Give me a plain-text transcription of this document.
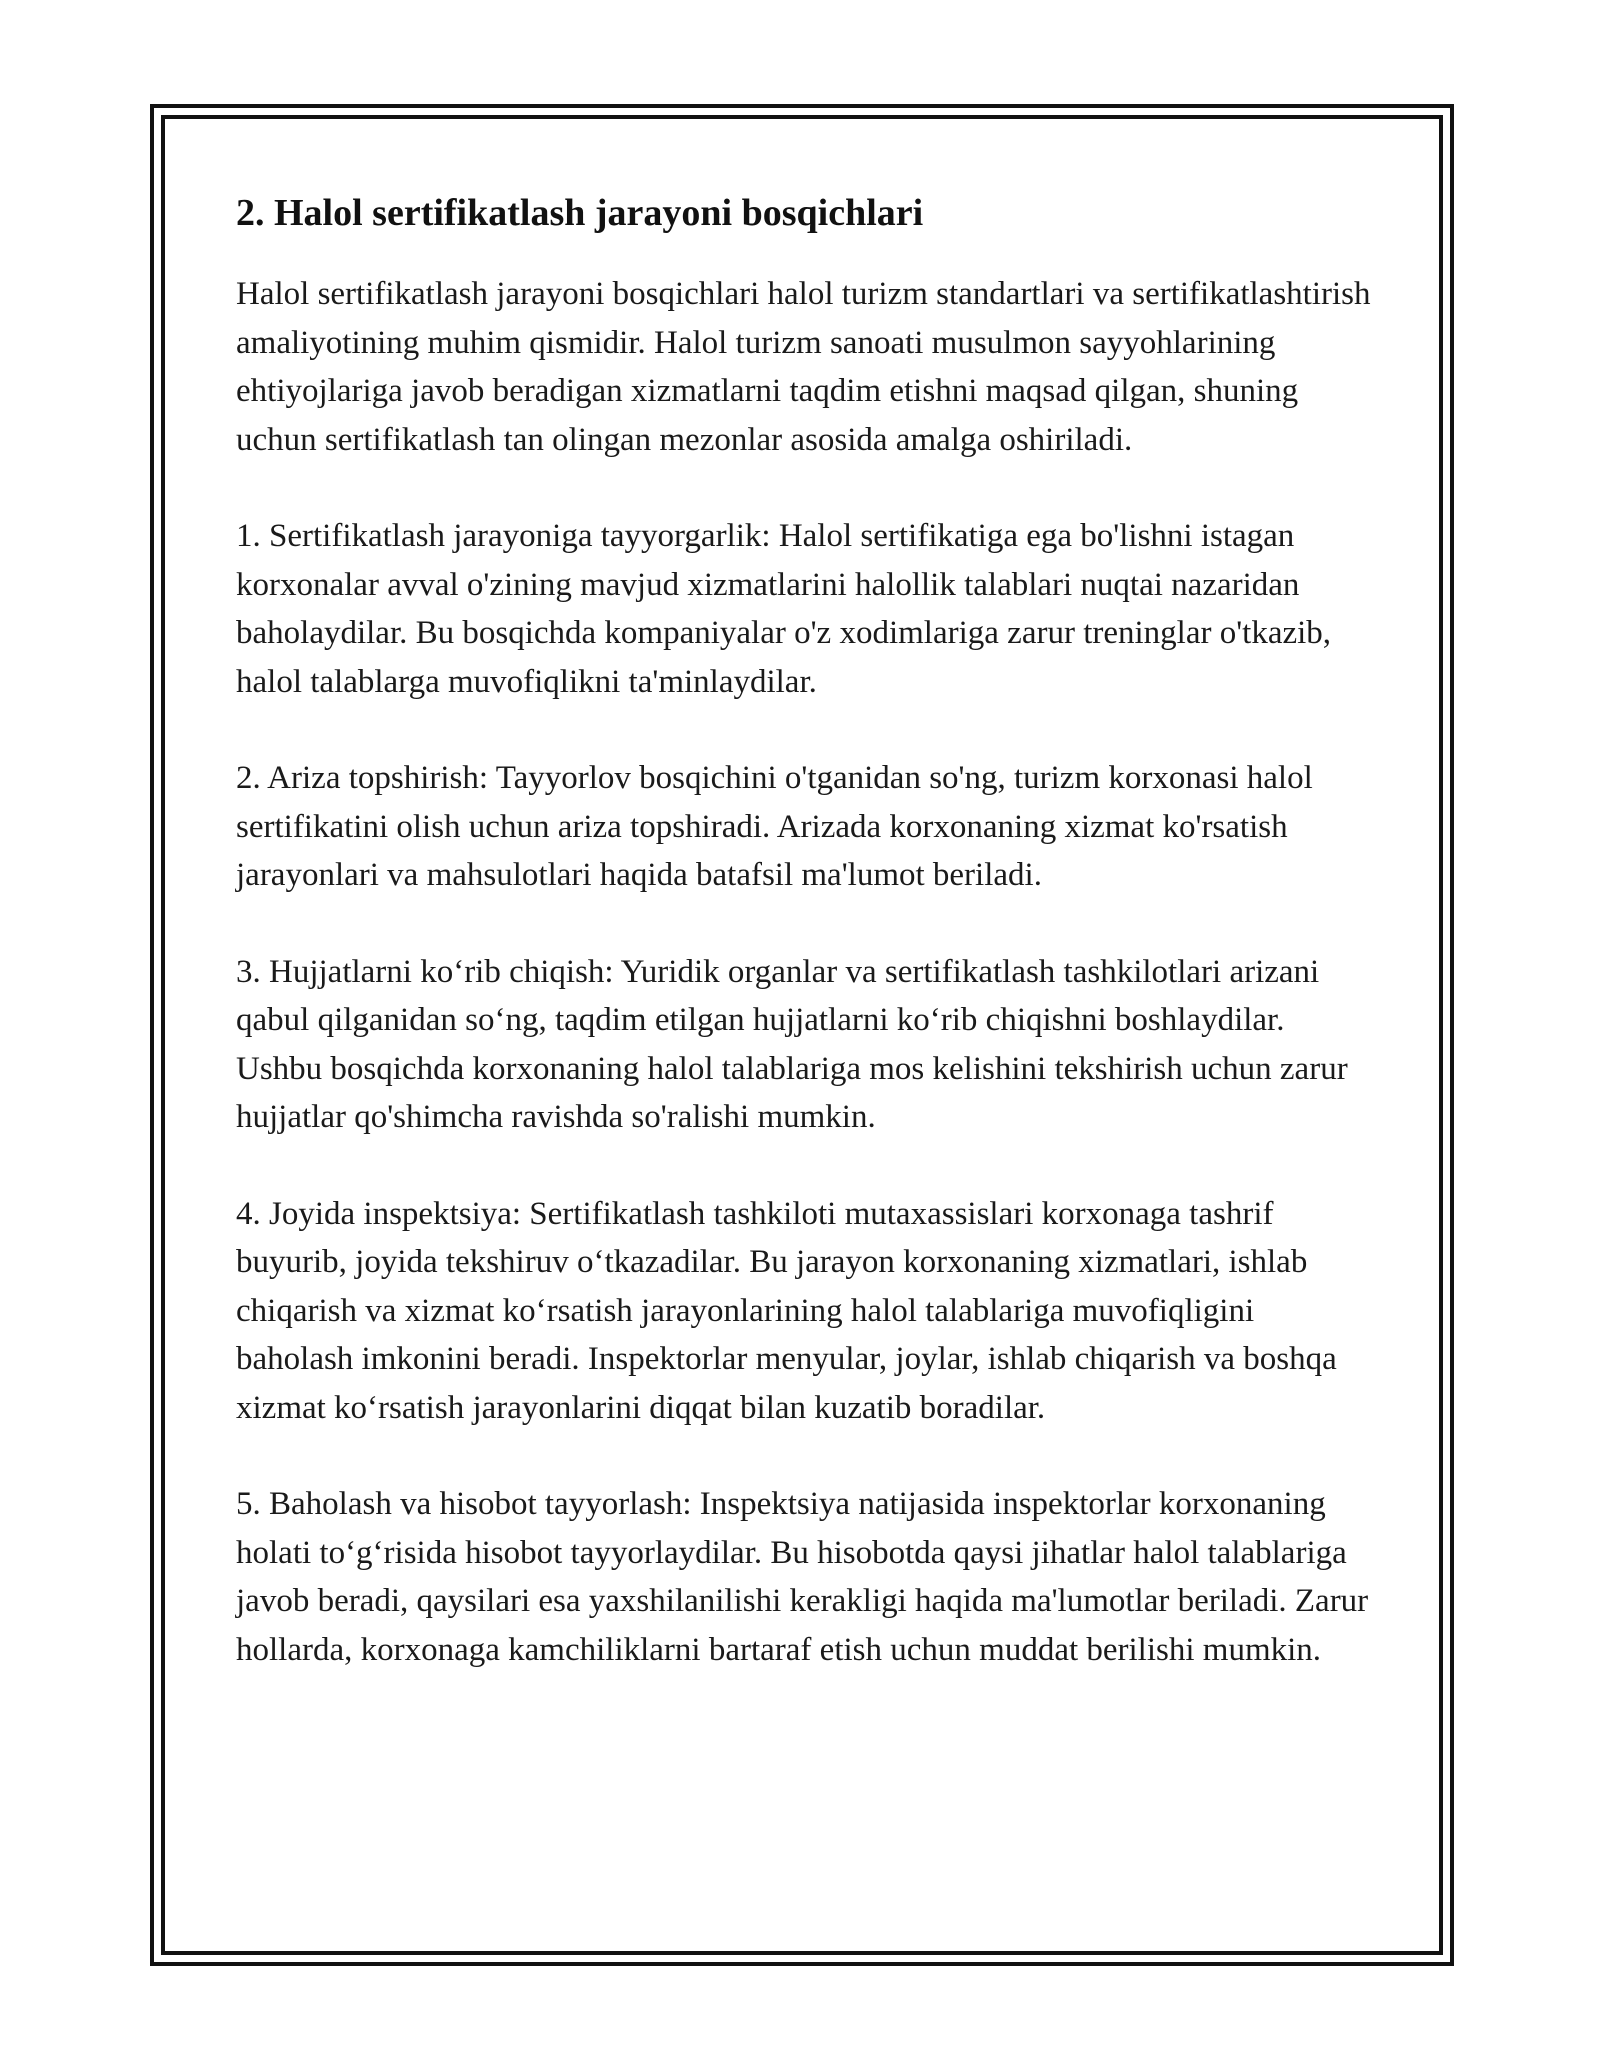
2. Halol sertifikatlash jarayoni bosqichlari

Halol sertifikatlash jarayoni bosqichlari halol turizm standartlari va sertifikatlashtirish amaliyotining muhim qismidir. Halol turizm sanoati musulmon sayyohlarining ehtiyojlariga javob beradigan xizmatlarni taqdim etishni maqsad qilgan, shuning uchun sertifikatlash tan olingan mezonlar asosida amalga oshiriladi.

1. Sertifikatlash jarayoniga tayyorgarlik: Halol sertifikatiga ega bo'lishni istagan korxonalar avval o'zining mavjud xizmatlarini halollik talablari nuqtai nazaridan baholaydilar. Bu bosqichda kompaniyalar o'z xodimlariga zarur treninglar o'tkazib, halol talablarga muvofiqlikni ta'minlaydilar.

2. Ariza topshirish: Tayyorlov bosqichini o'tganidan so'ng, turizm korxonasi halol sertifikatini olish uchun ariza topshiradi. Arizada korxonaning xizmat ko'rsatish jarayonlari va mahsulotlari haqida batafsil ma'lumot beriladi.

3. Hujjatlarni ko‘rib chiqish: Yuridik organlar va sertifikatlash tashkilotlari arizani qabul qilganidan so‘ng, taqdim etilgan hujjatlarni ko‘rib chiqishni boshlaydilar. Ushbu bosqichda korxonaning halol talablariga mos kelishini tekshirish uchun zarur hujjatlar qo'shimcha ravishda so'ralishi mumkin.

4. Joyida inspektsiya: Sertifikatlash tashkiloti mutaxassislari korxonaga tashrif buyurib, joyida tekshiruv o‘tkazadilar. Bu jarayon korxonaning xizmatlari, ishlab chiqarish va xizmat ko‘rsatish jarayonlarining halol talablariga muvofiqligini baholash imkonini beradi. Inspektorlar menyular, joylar, ishlab chiqarish va boshqa xizmat ko‘rsatish jarayonlarini diqqat bilan kuzatib boradilar.

5. Baholash va hisobot tayyorlash: Inspektsiya natijasida inspektorlar korxonaning holati to‘g‘risida hisobot tayyorlaydilar. Bu hisobotda qaysi jihatlar halol talablariga javob beradi, qaysilari esa yaxshilanilishi kerakligi haqida ma'lumotlar beriladi. Zarur hollarda, korxonaga kamchiliklarni bartaraf etish uchun muddat berilishi mumkin.
